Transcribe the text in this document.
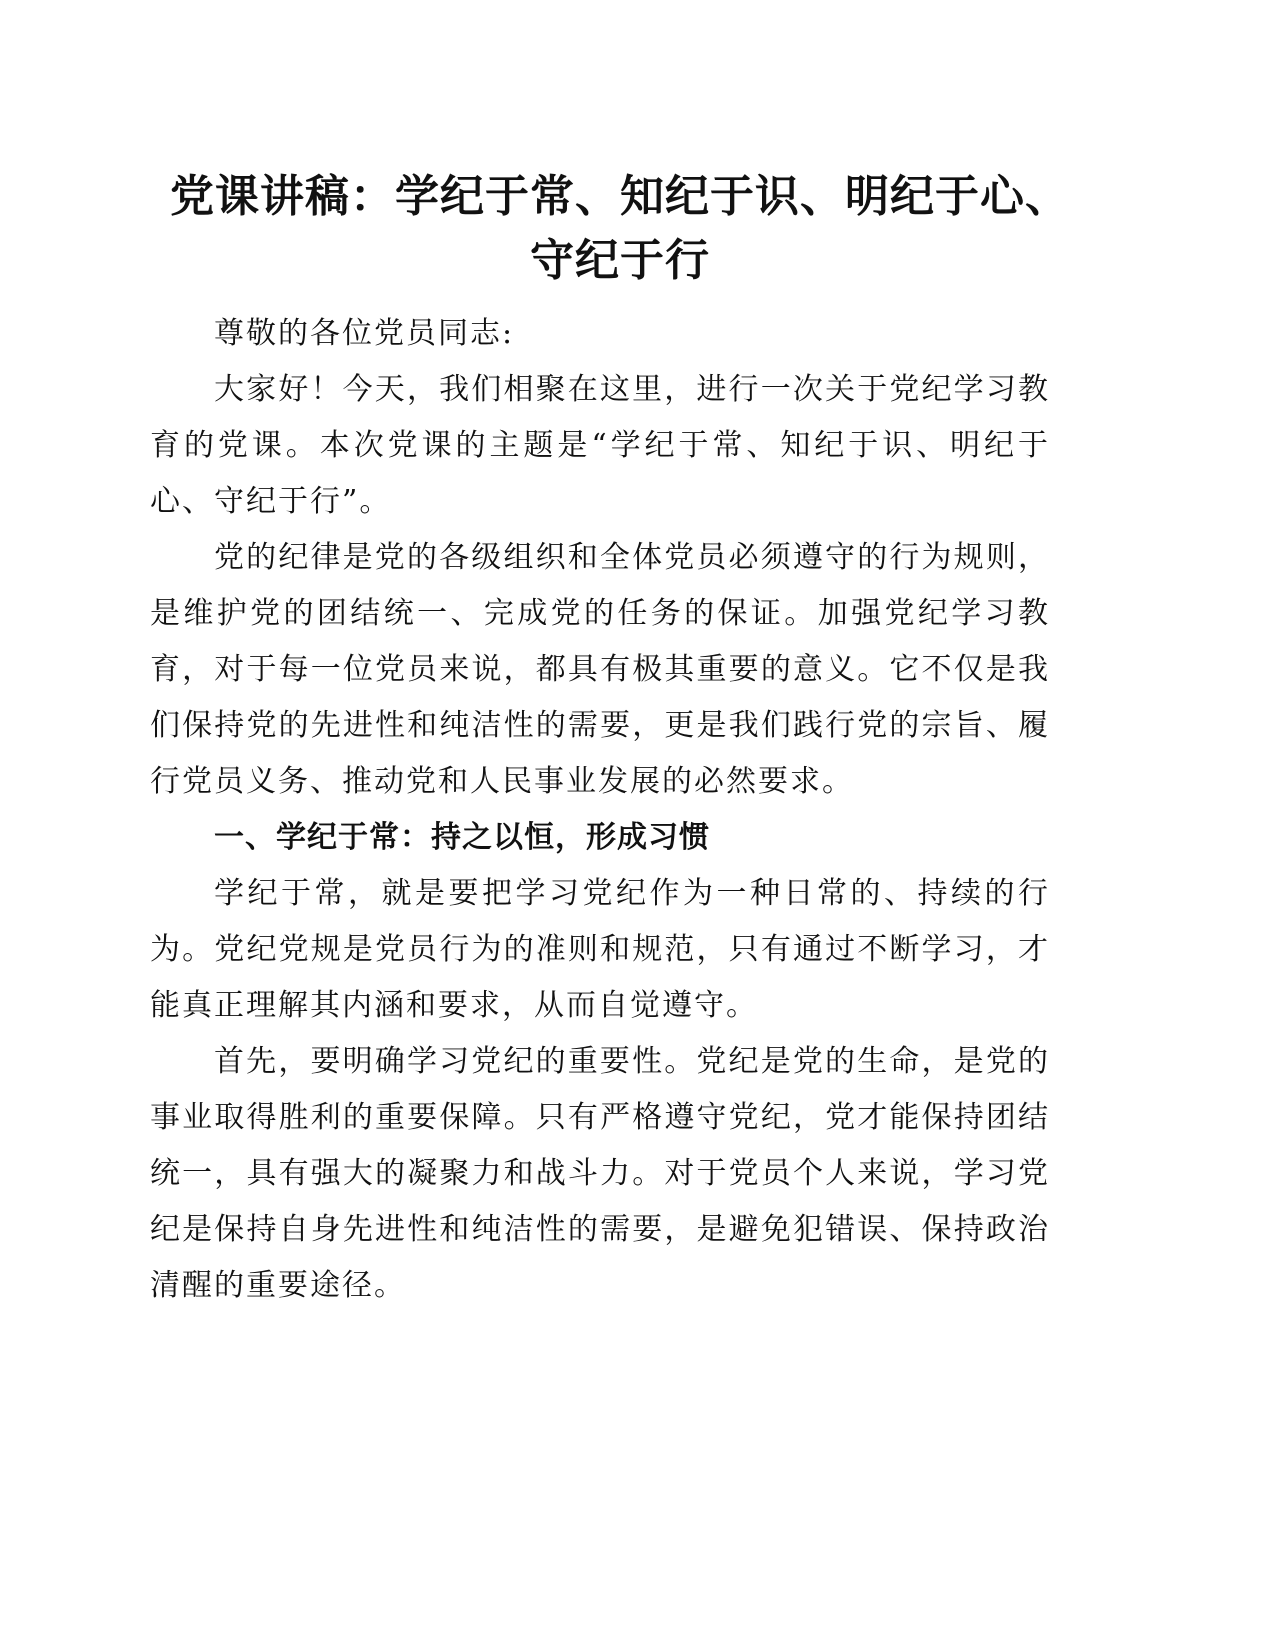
党课讲稿：学纪于常、知纪于识、明纪于心、
守纪于行

尊敬的各位党员同志:

大家好！今天，我们相聚在这里，进行一次关于党纪学习教育的党课。本次党课的主题是“学纪于常、知纪于识、明纪于心、守纪于行”。

党的纪律是党的各级组织和全体党员必须遵守的行为规则，是维护党的团结统一、完成党的任务的保证。加强党纪学习教育，对于每一位党员来说，都具有极其重要的意义。它不仅是我们保持党的先进性和纯洁性的需要，更是我们践行党的宗旨、履行党员义务、推动党和人民事业发展的必然要求。

一、学纪于常：持之以恒，形成习惯

学纪于常，就是要把学习党纪作为一种日常的、持续的行为。党纪党规是党员行为的准则和规范，只有通过不断学习，才能真正理解其内涵和要求，从而自觉遵守。

首先，要明确学习党纪的重要性。党纪是党的生命，是党的事业取得胜利的重要保障。只有严格遵守党纪，党才能保持团结统一，具有强大的凝聚力和战斗力。对于党员个人来说，学习党纪是保持自身先进性和纯洁性的需要，是避免犯错误、保持政治清醒的重要途径。
